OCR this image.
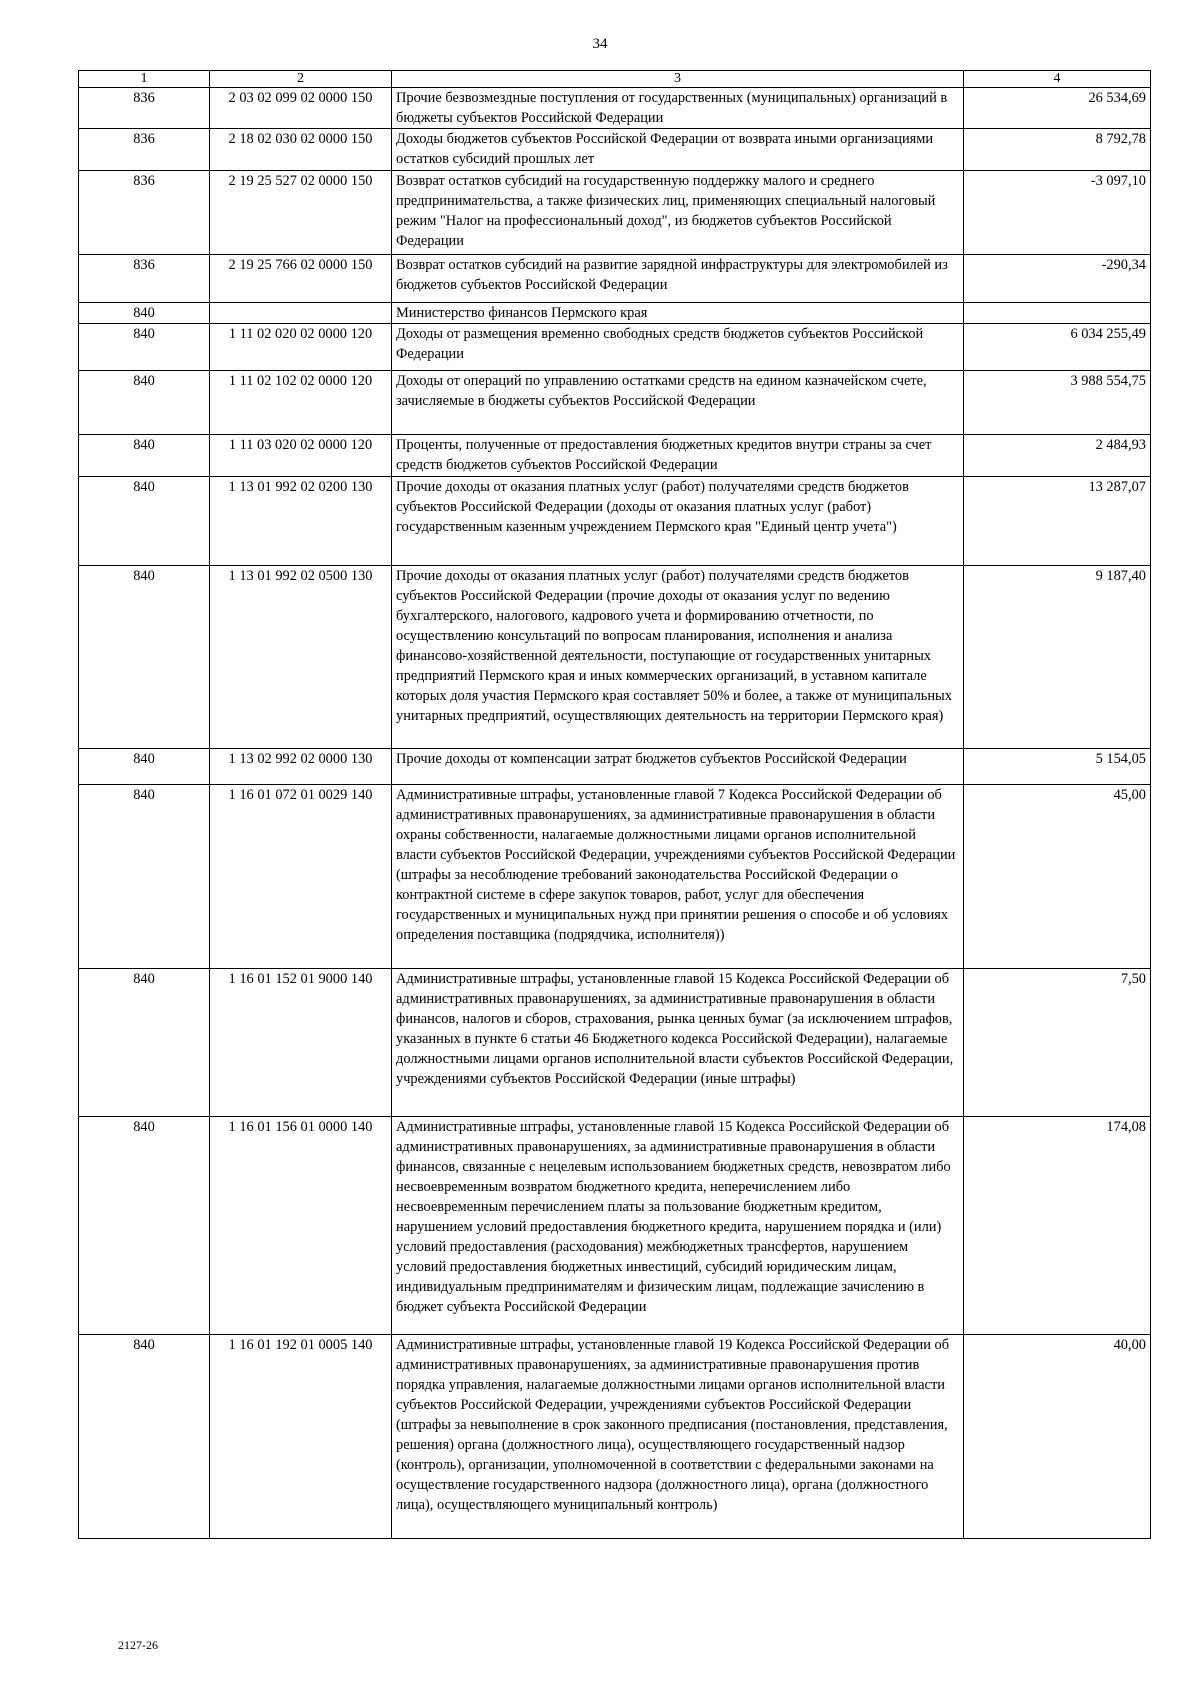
34
1	2	3	4
836	2 03 02 099 02 0000 150	Прочие безвозмездные поступления от государственных (муниципальных) организаций в бюджеты субъектов Российской Федерации	26 534,69
836	2 18 02 030 02 0000 150	Доходы бюджетов субъектов Российской Федерации от возврата иными организациями остатков субсидий прошлых лет	8 792,78
836	2 19 25 527 02 0000 150	Возврат остатков субсидий на государственную поддержку малого и среднего предпринимательства, а также физических лиц, применяющих специальный налоговый режим "Налог на профессиональный доход", из бюджетов субъектов Российской Федерации	-3 097,10
836	2 19 25 766 02 0000 150	Возврат остатков субсидий на развитие зарядной инфраструктуры для электромобилей из бюджетов субъектов Российской Федерации	-290,34
840		Министерство финансов Пермского края	
840	1 11 02 020 02 0000 120	Доходы от размещения временно свободных средств бюджетов субъектов Российской Федерации	6 034 255,49
840	1 11 02 102 02 0000 120	Доходы от операций по управлению остатками средств на едином казначейском счете, зачисляемые в бюджеты субъектов Российской Федерации	3 988 554,75
840	1 11 03 020 02 0000 120	Проценты, полученные от предоставления бюджетных кредитов внутри страны за счет средств бюджетов субъектов Российской Федерации	2 484,93
840	1 13 01 992 02 0200 130	Прочие доходы от оказания платных услуг (работ) получателями средств бюджетов субъектов Российской Федерации (доходы от оказания платных услуг (работ) государственным казенным учреждением Пермского края "Единый центр учета")	13 287,07
840	1 13 01 992 02 0500 130	Прочие доходы от оказания платных услуг (работ) получателями средств бюджетов субъектов Российской Федерации (прочие доходы от оказания услуг по ведению бухгалтерского, налогового, кадрового учета и формированию отчетности, по осуществлению консультаций по вопросам планирования, исполнения и анализа финансово-хозяйственной деятельности, поступающие от государственных унитарных предприятий Пермского края и иных коммерческих организаций, в уставном капитале которых доля участия Пермского края составляет 50% и более, а также от муниципальных унитарных предприятий, осуществляющих деятельность на территории Пермского края)	9 187,40
840	1 13 02 992 02 0000 130	Прочие доходы от компенсации затрат бюджетов субъектов Российской Федерации	5 154,05
840	1 16 01 072 01 0029 140	Административные штрафы, установленные главой 7 Кодекса Российской Федерации об административных правонарушениях, за административные правонарушения в области охраны собственности, налагаемые должностными лицами органов исполнительной власти субъектов Российской Федерации, учреждениями субъектов Российской Федерации (штрафы за несоблюдение требований законодательства Российской Федерации о контрактной системе в сфере закупок товаров, работ, услуг для обеспечения государственных и муниципальных нужд при принятии решения о способе и об условиях определения поставщика (подрядчика, исполнителя))	45,00
840	1 16 01 152 01 9000 140	Административные штрафы, установленные главой 15 Кодекса Российской Федерации об административных правонарушениях, за административные правонарушения в области финансов, налогов и сборов, страхования, рынка ценных бумаг (за исключением штрафов, указанных в пункте 6 статьи 46 Бюджетного кодекса Российской Федерации), налагаемые должностными лицами органов исполнительной власти субъектов Российской Федерации, учреждениями субъектов Российской Федерации (иные штрафы)	7,50
840	1 16 01 156 01 0000 140	Административные штрафы, установленные главой 15 Кодекса Российской Федерации об административных правонарушениях, за административные правонарушения в области финансов, связанные с нецелевым использованием бюджетных средств, невозвратом либо несвоевременным возвратом бюджетного кредита, неперечислением либо несвоевременным перечислением платы за пользование бюджетным кредитом, нарушением условий предоставления бюджетного кредита, нарушением порядка и (или) условий предоставления (расходования) межбюджетных трансфертов, нарушением условий предоставления бюджетных инвестиций, субсидий юридическим лицам, индивидуальным предпринимателям и физическим лицам, подлежащие зачислению в бюджет субъекта Российской Федерации	174,08
840	1 16 01 192 01 0005 140	Административные штрафы, установленные главой 19 Кодекса Российской Федерации об административных правонарушениях, за административные правонарушения против порядка управления, налагаемые должностными лицами органов исполнительной власти субъектов Российской Федерации, учреждениями субъектов Российской Федерации (штрафы за невыполнение в срок законного предписания (постановления, представления, решения) органа (должностного лица), осуществляющего государственный надзор (контроль), организации, уполномоченной в соответствии с федеральными законами на осуществление государственного надзора (должностного лица), органа (должностного лица), осуществляющего муниципальный контроль)	40,00
2127-26
